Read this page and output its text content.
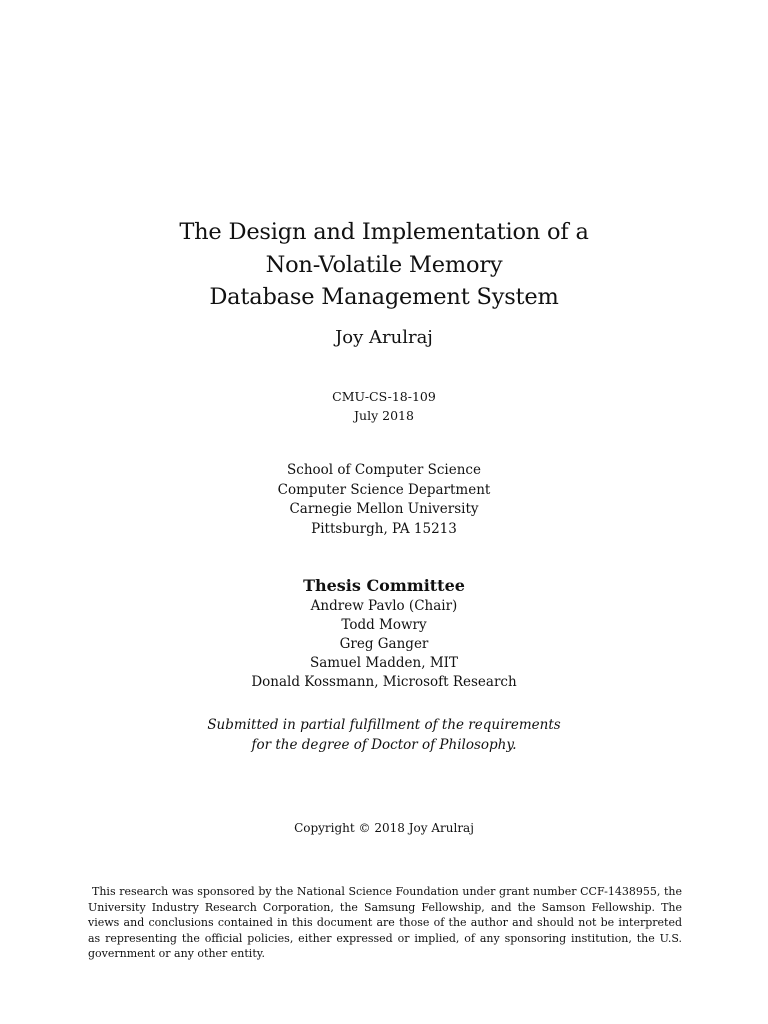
The Design and Implementation of a
Non-Volatile Memory
Database Management System
Joy Arulraj
CMU-CS-18-109
July 2018
School of Computer Science
Computer Science Department
Carnegie Mellon University
Pittsburgh, PA 15213
Thesis Committee
Andrew Pavlo (Chair)
Todd Mowry
Greg Ganger
Samuel Madden, MIT
Donald Kossmann, Microsoft Research
Submitted in partial fulfillment of the requirements
for the degree of Doctor of Philosophy.
Copyright © 2018 Joy Arulraj
This research was sponsored by the National Science Foundation under grant number CCF-1438955, the University Industry Research Corporation, the Samsung Fellowship, and the Samson Fellowship. The views and conclusions contained in this document are those of the author and should not be interpreted as representing the official policies, either expressed or implied, of any sponsoring institution, the U.S. government or any other entity.
